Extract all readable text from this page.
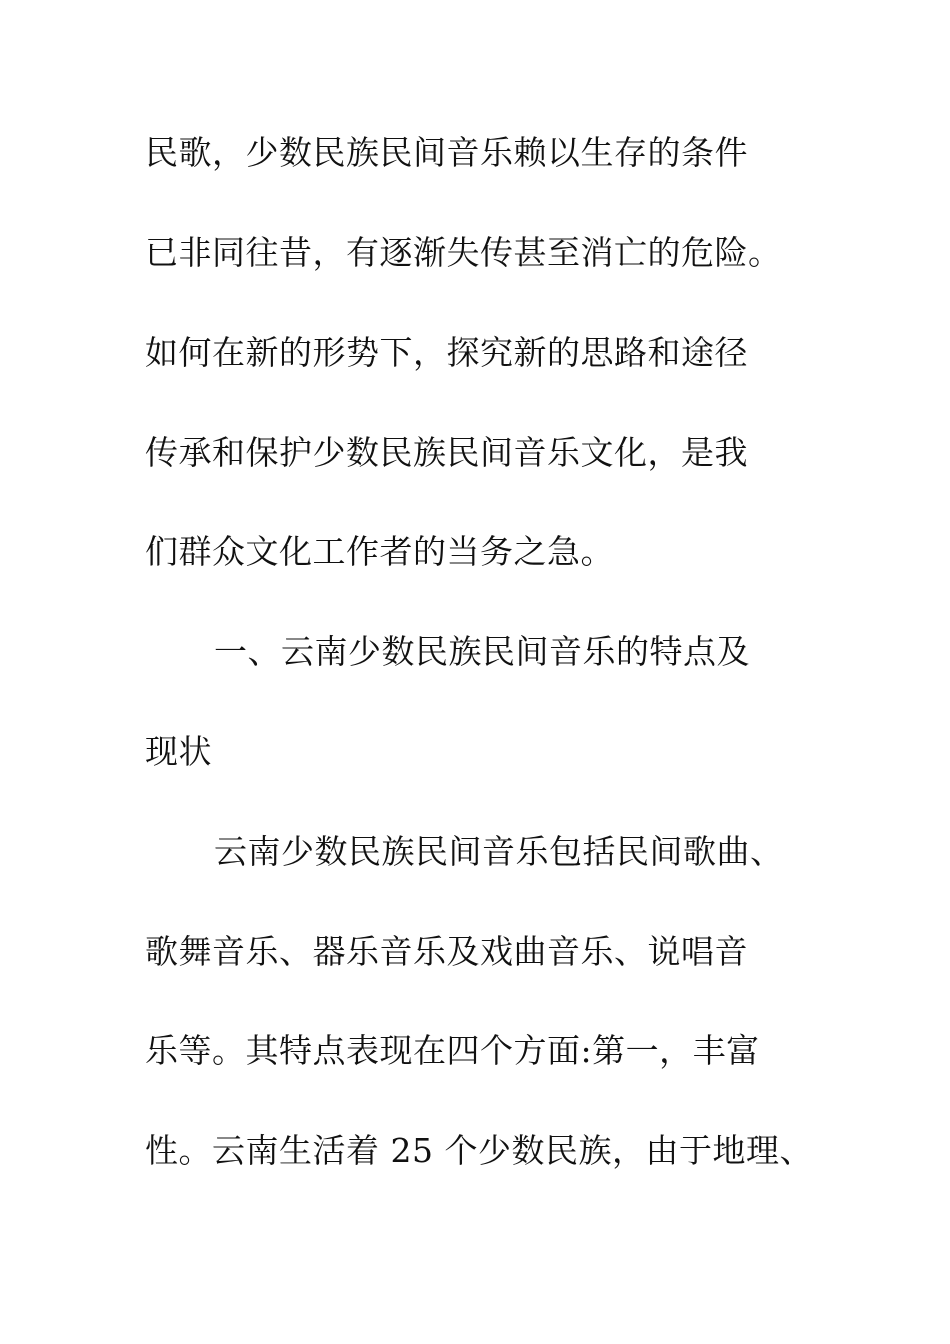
民歌，少数民族民间音乐赖以生存的条件
已非同往昔，有逐渐失传甚至消亡的危险。
如何在新的形势下，探究新的思路和途径
传承和保护少数民族民间音乐文化，是我
们群众文化工作者的当务之急。
一、云南少数民族民间音乐的特点及
现状
云南少数民族民间音乐包括民间歌曲、
歌舞音乐、器乐音乐及戏曲音乐、说唱音
乐等。其特点表现在四个方面:第一，丰富
性。云南生活着 25 个少数民族，由于地理、
